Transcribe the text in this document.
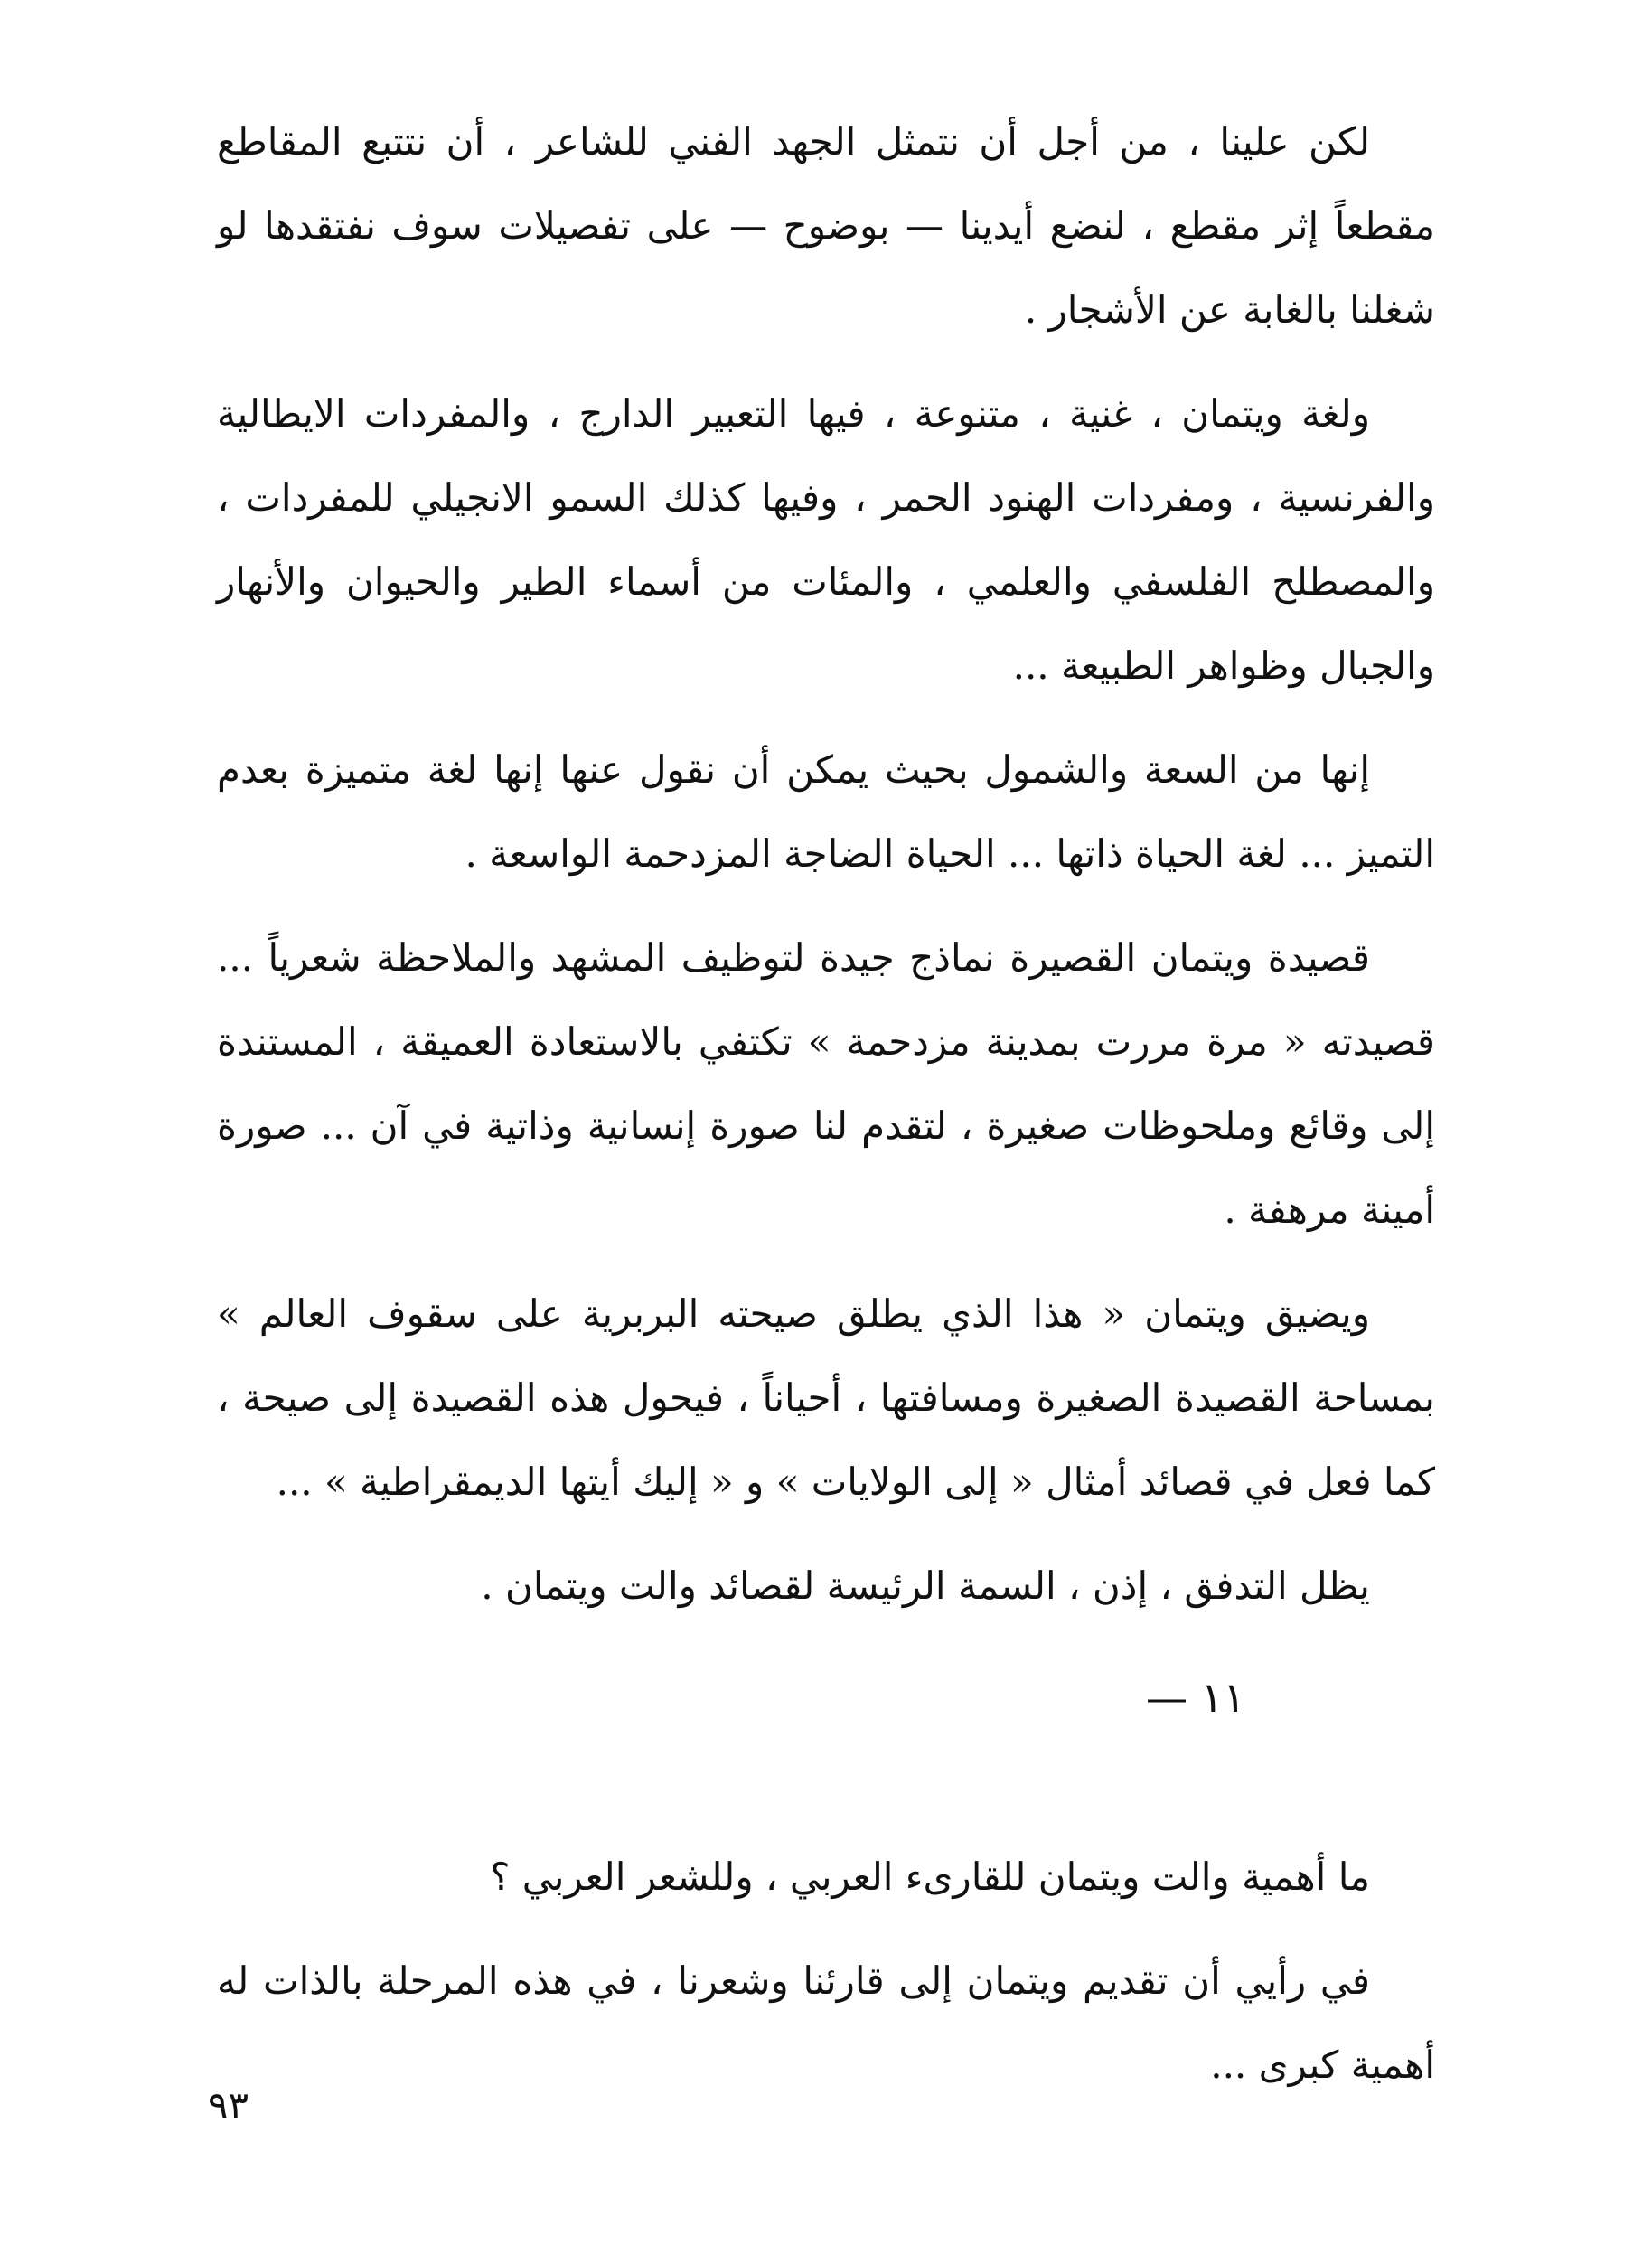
لكن علينا ، من أجل أن نتمثل الجهد الفني للشاعر ، أن نتتبع المقاطع مقطعاً إثر مقطع ، لنضع أيدينا — بوضوح — على تفصيلات سوف نفتقدها لو شغلنا بالغابة عن الأشجار .

ولغة ويتمان ، غنية ، متنوعة ، فيها التعبير الدارج ، والمفردات الايطالية والفرنسية ، ومفردات الهنود الحمر ، وفيها كذلك السمو الانجيلي للمفردات ، والمصطلح الفلسفي والعلمي ، والمئات من أسماء الطير والحيوان والأنهار والجبال وظواهر الطبيعة ...

إنها من السعة والشمول بحيث يمكن أن نقول عنها إنها لغة متميزة بعدم التميز ... لغة الحياة ذاتها ... الحياة الضاجة المزدحمة الواسعة .

قصيدة ويتمان القصيرة نماذج جيدة لتوظيف المشهد والملاحظة شعرياً ... قصيدته « مرة مررت بمدينة مزدحمة » تكتفي بالاستعادة العميقة ، المستندة إلى وقائع وملحوظات صغيرة ، لتقدم لنا صورة إنسانية وذاتية في آن ... صورة أمينة مرهفة .

ويضيق ويتمان « هذا الذي يطلق صيحته البربرية على سقوف العالم » بمساحة القصيدة الصغيرة ومسافتها ، أحياناً ، فيحول هذه القصيدة إلى صيحة ، كما فعل في قصائد أمثال « إلى الولايات » و « إليك أيتها الديمقراطية » ...

يظل التدفق ، إذن ، السمة الرئيسة لقصائد والت ويتمان .

١١ —

ما أهمية والت ويتمان للقارىء العربي ، وللشعر العربي ؟

في رأيي أن تقديم ويتمان إلى قارئنا وشعرنا ، في هذه المرحلة بالذات له أهمية كبرى ...

٩٣
